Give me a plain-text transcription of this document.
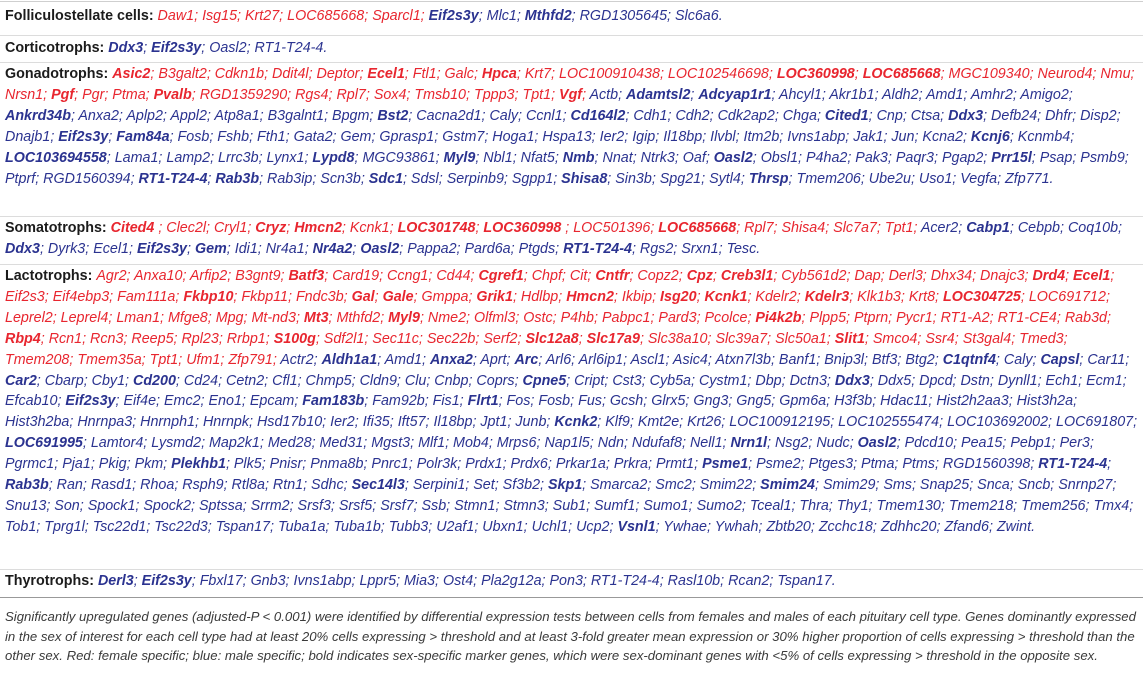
Folliculostellate cells: Daw1; Isg15; Krt27; LOC685668; Sparcl1; Eif2s3y; Mlc1; Mthfd2; RGD1305645; Slc6a6.

Corticotrophs: Ddx3; Eif2s3y; Oasl2; RT1-T24-4.

Gonadotrophs: Asic2; B3galt2; Cdkn1b; Ddit4l; Deptor; Ecel1; Ftl1; Galc; Hpca; Krt7; LOC100910438; LOC102546698; LOC360998; LOC685668; MGC109340; Neurod4; Nmu; Nrsn1; Pgf; Pgr; Ptma; Pvalb; RGD1359290; Rgs4; Rpl7; Sox4; Tmsb10; Tppp3; Tpt1; Vgf; Actb; Adamtsl2; Adcyap1r1; Ahcyl1; Akr1b1; Aldh2; Amd1; Amhr2; Amigo2; Ankrd34b; Anxa2; Aplp2; Appl2; Atp8a1; B3galnt1; Bpgm; Bst2; Cacna2d1; Caly; Ccnl1; Cd164l2; Cdh1; Cdh2; Cdk2ap2; Chga; Cited1; Cnp; Ctsa; Ddx3; Defb24; Dhfr; Disp2; Dnajb1; Eif2s3y; Fam84a; Fosb; Fshb; Fth1; Gata2; Gem; Gprasp1; Gstm7; Hoga1; Hspa13; Ier2; Igip; Il18bp; Ilvbl; Itm2b; Ivns1abp; Jak1; Jun; Kcna2; Kcnj6; Kcnmb4; LOC103694558; Lama1; Lamp2; Lrrc3b; Lynx1; Lypd8; MGC93861; Myl9; Nbl1; Nfat5; Nmb; Nnat; Ntrk3; Oaf; Oasl2; Obsl1; P4ha2; Pak3; Paqr3; Pgap2; Prr15l; Psap; Psmb9; Ptprf; RGD1560394; RT1-T24-4; Rab3b; Rab3ip; Scn3b; Sdc1; Sdsl; Serpinb9; Sgpp1; Shisa8; Sin3b; Spg21; Sytl4; Thrsp; Tmem206; Ube2u; Uso1; Vegfa; Zfp771.

Somatotrophs: Cited4 ; Clec2l; Cryl1; Cryz; Hmcn2; Kcnk1; LOC301748; LOC360998 ; LOC501396; LOC685668; Rpl7; Shisa4; Slc7a7; Tpt1; Acer2; Cabp1; Cebpb; Coq10b; Ddx3; Dyrk3; Ecel1; Eif2s3y; Gem; Idi1; Nr4a1; Nr4a2; Oasl2; Pappa2; Pard6a; Ptgds; RT1-T24-4; Rgs2; Srxn1; Tesc.

Lactotrophs: Agr2; Anxa10; Arfip2; B3gnt9; Batf3; Card19; Ccng1; Cd44; Cgref1; Chpf; Cit; Cntfr; Copz2; Cpz; Creb3l1; Cyb561d2; Dap; Derl3; Dhx34; Dnajc3; Drd4; Ecel1; Eif2s3; Eif4ebp3; Fam111a; Fkbp10; Fkbp11; Fndc3b; Gal; Gale; Gmppa; Grik1; Hdlbp; Hmcn2; Ikbip; Isg20; Kcnk1; Kdelr2; Kdelr3; Klk1b3; Krt8; LOC304725; LOC691712; Leprel2; Leprel4; Lman1; Mfge8; Mpg; Mt-nd3; Mt3; Mthfd2; Myl9; Nme2; Olfml3; Ostc; P4hb; Pabpc1; Pard3; Pcolce; Pi4k2b; Plpp5; Ptprn; Pycr1; RT1-A2; RT1-CE4; Rab3d; Rbp4; Rcn1; Rcn3; Reep5; Rpl23; Rrbp1; S100g; Sdf2l1; Sec11c; Sec22b; Serf2; Slc12a8; Slc17a9; Slc38a10; Slc39a7; Slc50a1; Slit1; Smco4; Ssr4; St3gal4; Tmed3; Tmem208; Tmem35a; Tpt1; Ufm1; Zfp791; Actr2; Aldh1a1; Amd1; Anxa2; Aprt; Arc; Arl6; Arl6ip1; Ascl1; Asic4; Atxn7l3b; Banf1; Bnip3l; Btf3; Btg2; C1qtnf4; Caly; Capsl; Car11; Car2; Cbarp; Cby1; Cd200; Cd24; Cetn2; Cfl1; Chmp5; Cldn9; Clu; Cnbp; Coprs; Cpne5; Cript; Cst3; Cyb5a; Cystm1; Dbp; Dctn3; Ddx3; Ddx5; Dpcd; Dstn; Dynll1; Ech1; Ecm1; Efcab10; Eif2s3y; Eif4e; Emc2; Eno1; Epcam; Fam183b; Fam92b; Fis1; Flrt1; Fos; Fosb; Fus; Gcsh; Glrx5; Gng3; Gng5; Gpm6a; H3f3b; Hdac11; Hist2h2aa3; Hist3h2a; Hist3h2ba; Hnrnpa3; Hnrnph1; Hnrnpk; Hsd17b10; Ier2; Ifi35; Ift57; Il18bp; Jpt1; Junb; Kcnk2; Klf9; Kmt2e; Krt26; LOC100912195; LOC102555474; LOC103692002; LOC691807; LOC691995; Lamtor4; Lysmd2; Map2k1; Med28; Med31; Mgst3; Mlf1; Mob4; Mrps6; Nap1l5; Ndn; Ndufaf8; Nell1; Nrn1l; Nsg2; Nudc; Oasl2; Pdcd10; Pea15; Pebp1; Per3; Pgrmc1; Pja1; Pkig; Pkm; Plekhb1; Plk5; Pnisr; Pnma8b; Pnrc1; Polr3k; Prdx1; Prdx6; Prkar1a; Prkra; Prmt1; Psme1; Psme2; Ptges3; Ptma; Ptms; RGD1560398; RT1-T24-4; Rab3b; Ran; Rasd1; Rhoa; Rsph9; Rtl8a; Rtn1; Sdhc; Sec14l3; Serpini1; Set; Sf3b2; Skp1; Smarca2; Smc2; Smim22; Smim24; Smim29; Sms; Snap25; Snca; Sncb; Snrnp27; Snu13; Son; Spock1; Spock2; Sptssa; Srrm2; Srsf3; Srsf5; Srsf7; Ssb; Stmn1; Stmn3; Sub1; Sumf1; Sumo1; Sumo2; Tceal1; Thra; Thy1; Tmem130; Tmem218; Tmem256; Tmx4; Tob1; Tprg1l; Tsc22d1; Tsc22d3; Tspan17; Tuba1a; Tuba1b; Tubb3; U2af1; Ubxn1; Uchl1; Ucp2; Vsnl1; Ywhae; Ywhah; Zbtb20; Zcchc18; Zdhhc20; Zfand6; Zwint.

Thyrotrophs: Derl3; Eif2s3y; Fbxl17; Gnb3; Ivns1abp; Lppr5; Mia3; Ost4; Pla2g12a; Pon3; RT1-T24-4; Rasl10b; Rcan2; Tspan17.

Significantly upregulated genes (adjusted-P < 0.001) were identified by differential expression tests between cells from females and males of each pituitary cell type. Genes dominantly expressed in the sex of interest for each cell type had at least 20% cells expressing > threshold and at least 3-fold greater mean expression or 30% higher proportion of cells expressing > threshold than the other sex. Red: female specific; blue: male specific; bold indicates sex-specific marker genes, which were sex-dominant genes with <5% of cells expressing > threshold in the opposite sex.
